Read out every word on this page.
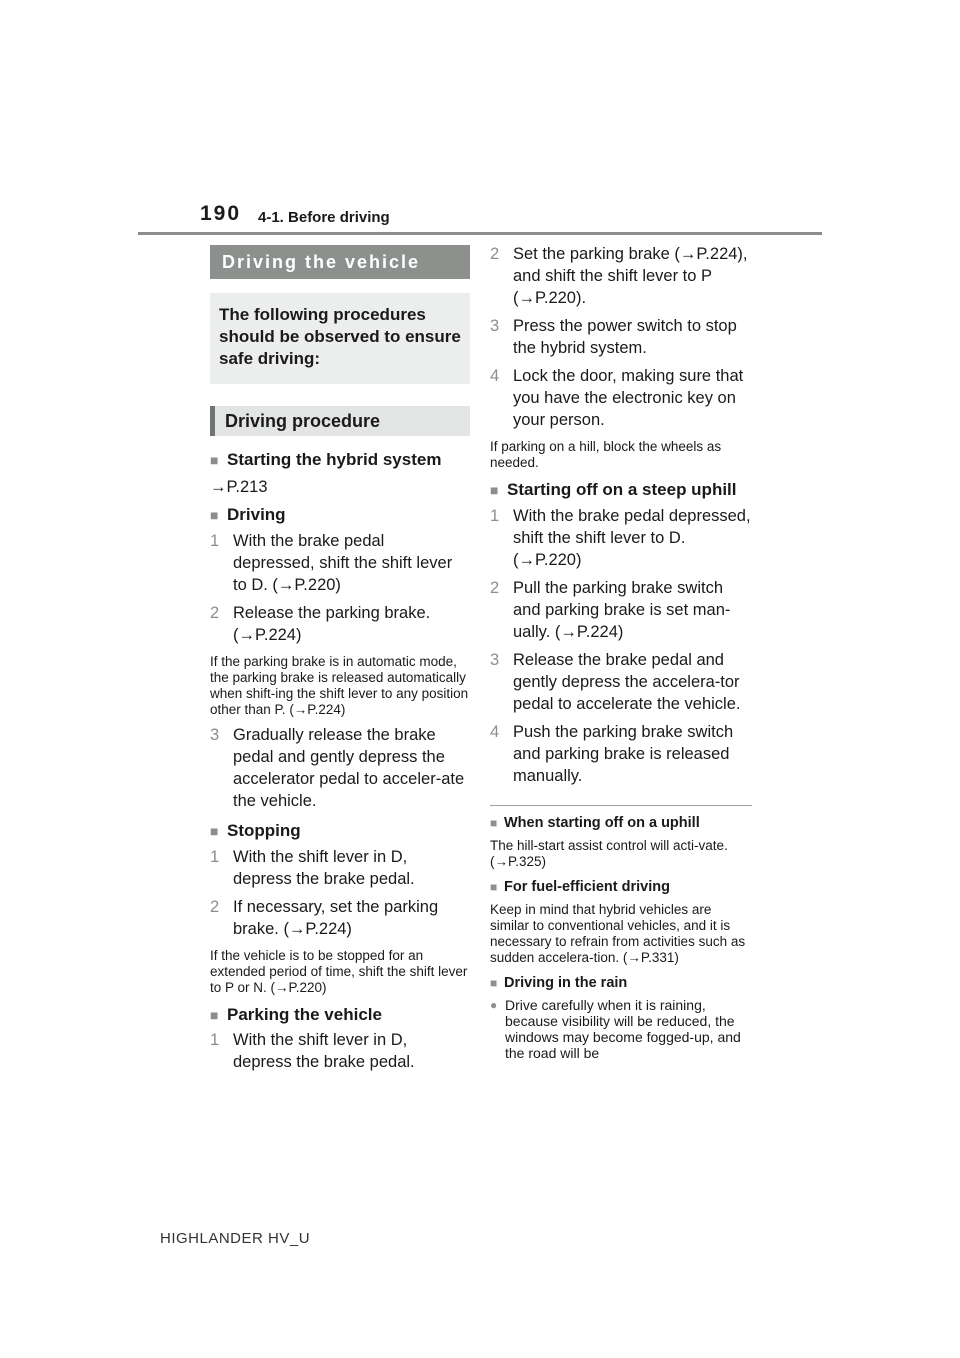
190 4-1. Before driving
Driving the vehicle
The following procedures should be observed to ensure safe driving:
Driving procedure
■ Starting the hybrid system
→P.213
■ Driving
1 With the brake pedal depressed, shift the shift lever to D. (→P.220)
2 Release the parking brake. (→P.224)
If the parking brake is in automatic mode, the parking brake is released automatically when shift-ing the shift lever to any position other than P. (→P.224)
3 Gradually release the brake pedal and gently depress the accelerator pedal to acceler-ate the vehicle.
■ Stopping
1 With the shift lever in D, depress the brake pedal.
2 If necessary, set the parking brake. (→P.224)
If the vehicle is to be stopped for an extended period of time, shift the shift lever to P or N. (→P.220)
■ Parking the vehicle
1 With the shift lever in D, depress the brake pedal.
2 Set the parking brake (→P.224), and shift the shift lever to P (→P.220).
3 Press the power switch to stop the hybrid system.
4 Lock the door, making sure that you have the electronic key on your person.
If parking on a hill, block the wheels as needed.
■ Starting off on a steep uphill
1 With the brake pedal depressed, shift the shift lever to D. (→P.220)
2 Pull the parking brake switch and parking brake is set man-ually. (→P.224)
3 Release the brake pedal and gently depress the accelera-tor pedal to accelerate the vehicle.
4 Push the parking brake switch and parking brake is released manually.
■ When starting off on a uphill
The hill-start assist control will acti-vate. (→P.325)
■ For fuel-efficient driving
Keep in mind that hybrid vehicles are similar to conventional vehicles, and it is necessary to refrain from activities such as sudden accelera-tion. (→P.331)
■ Driving in the rain
● Drive carefully when it is raining, because visibility will be reduced, the windows may become fogged-up, and the road will be
HIGHLANDER HV_U
